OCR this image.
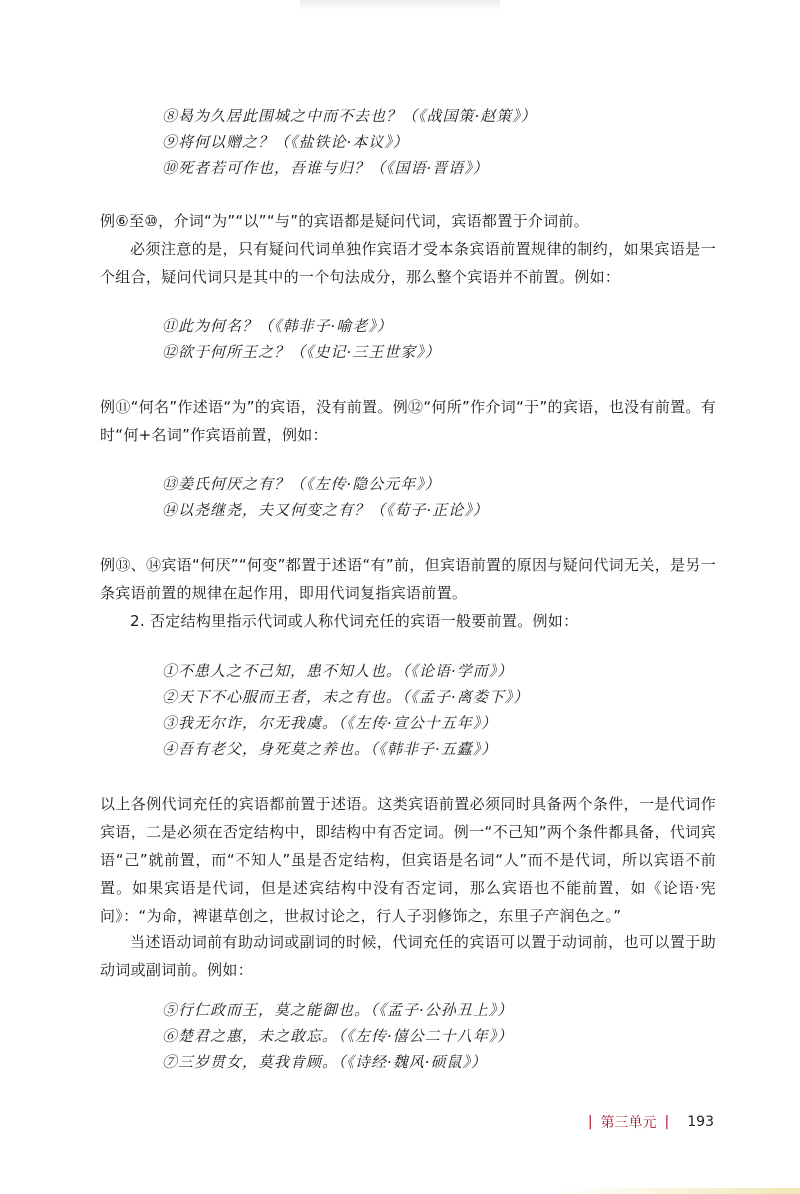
⑧曷为久居此围城之中而不去也？（《战国策·赵策》）
⑨将何以赠之？（《盐铁论·本议》）
⑩死者若可作也，吾谁与归？（《国语·晋语》）

例⑥至⑩，介词“为”“以”“与”的宾语都是疑问代词，宾语都置于介词前。

必须注意的是，只有疑问代词单独作宾语才受本条宾语前置规律的制约，如果宾语是一个组合，疑问代词只是其中的一个句法成分，那么整个宾语并不前置。例如：

⑪此为何名？（《韩非子·喻老》）
⑫欲于何所王之？（《史记·三王世家》）

例⑪“何名”作述语“为”的宾语，没有前置。例⑫“何所”作介词“于”的宾语，也没有前置。有时“何+名词”作宾语前置，例如：

⑬姜氏何厌之有？（《左传·隐公元年》）
⑭以尧继尧，夫又何变之有？（《荀子·正论》）

例⑬、⑭宾语“何厌”“何变”都置于述语“有”前，但宾语前置的原因与疑问代词无关，是另一条宾语前置的规律在起作用，即用代词复指宾语前置。

2. 否定结构里指示代词或人称代词充任的宾语一般要前置。例如：

①不患人之不己知，患不知人也。（《论语·学而》）
②天下不心服而王者，未之有也。（《孟子·离娄下》）
③我无尔诈，尔无我虞。（《左传·宣公十五年》）
④吾有老父，身死莫之养也。（《韩非子·五蠹》）

以上各例代词充任的宾语都前置于述语。这类宾语前置必须同时具备两个条件，一是代词作宾语，二是必须在否定结构中，即结构中有否定词。例一“不己知”两个条件都具备，代词宾语“己”就前置，而“不知人”虽是否定结构，但宾语是名词“人”而不是代词，所以宾语不前置。如果宾语是代词，但是述宾结构中没有否定词，那么宾语也不能前置，如《论语·宪问》：“为命，裨谌草创之，世叔讨论之，行人子羽修饰之，东里子产润色之。”

当述语动词前有助动词或副词的时候，代词充任的宾语可以置于动词前，也可以置于助动词或副词前。例如：

⑤行仁政而王，莫之能御也。（《孟子·公孙丑上》）
⑥楚君之惠，未之敢忘。（《左传·僖公二十八年》）
⑦三岁贯女，莫我肯顾。（《诗经·魏风·硕鼠》）
| 第三单元 | 193
